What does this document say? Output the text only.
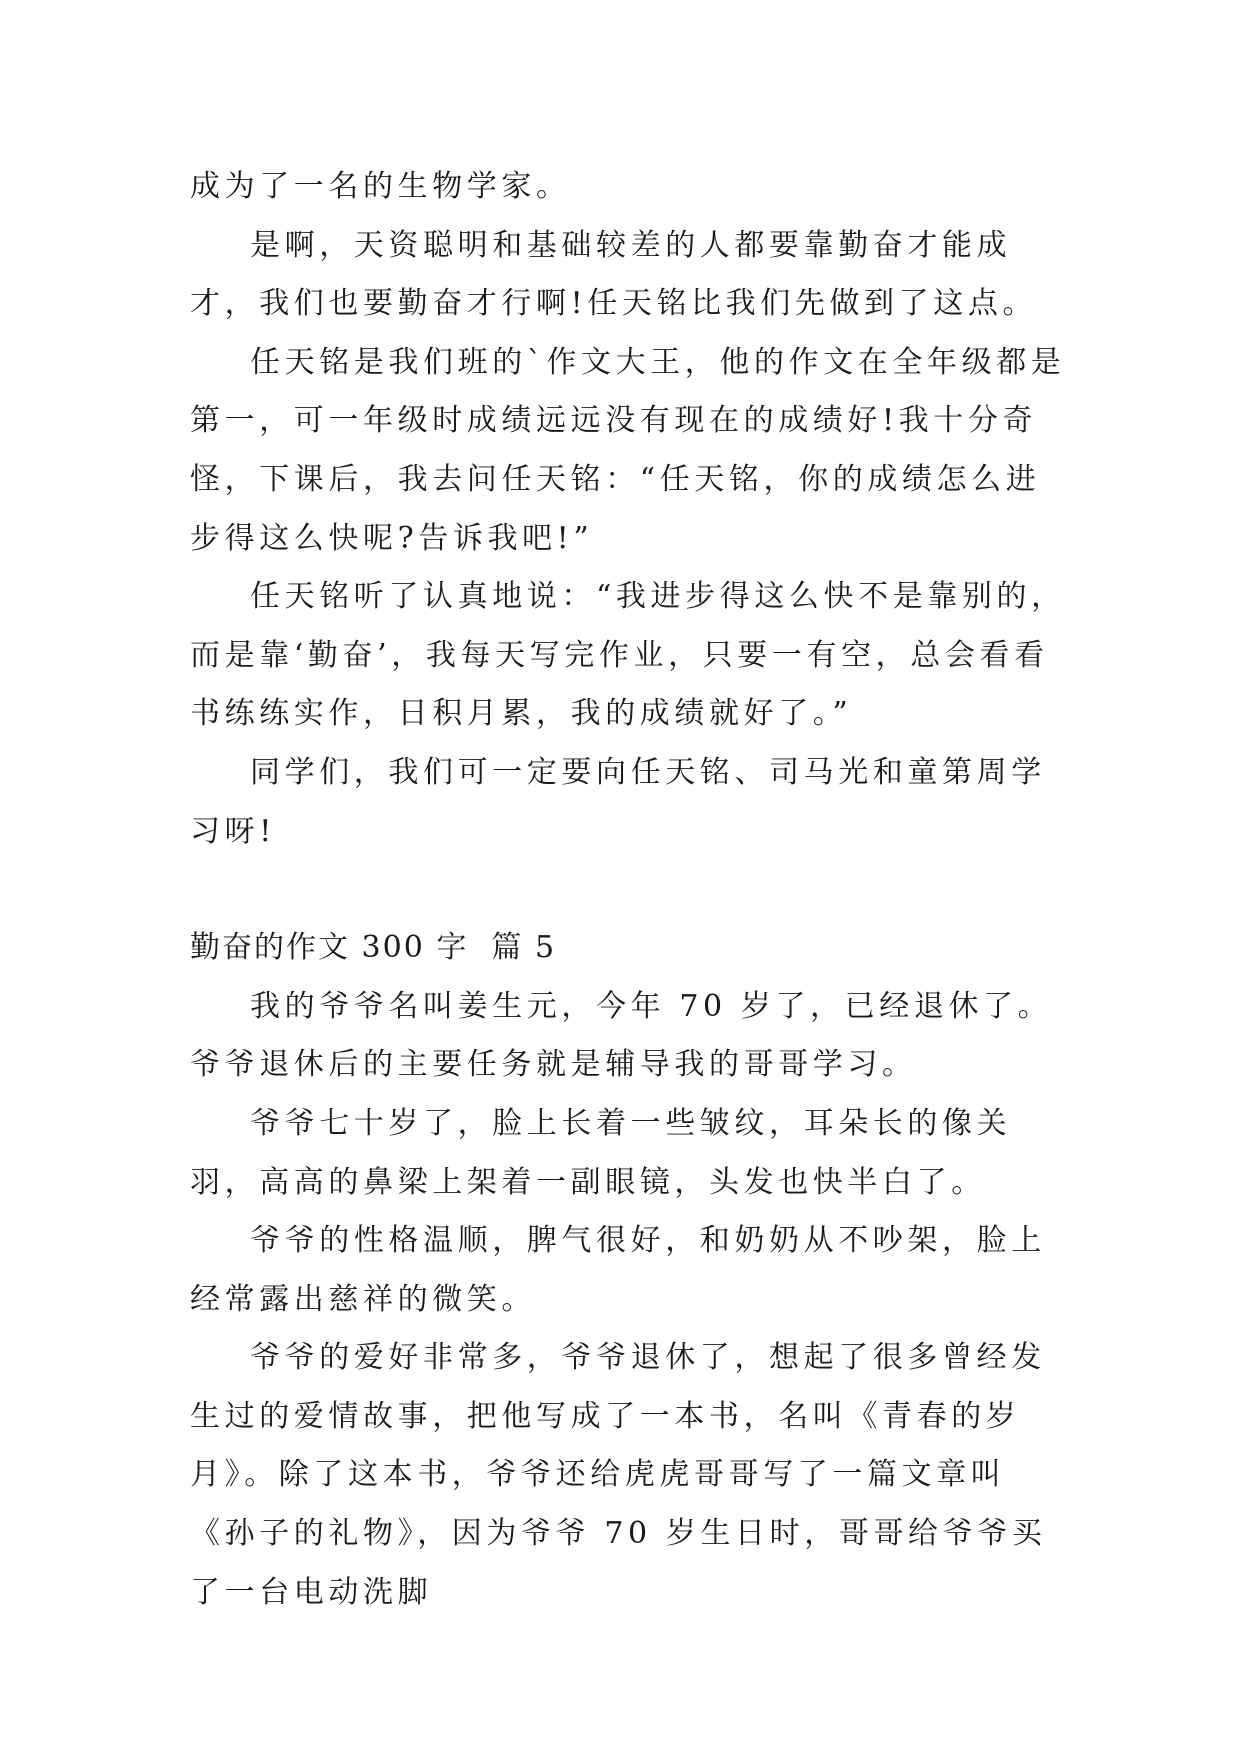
成为了一名的生物学家。

是啊，天资聪明和基础较差的人都要靠勤奋才能成才，我们也要勤奋才行啊!任天铭比我们先做到了这点。

任天铭是我们班的`作文大王，他的作文在全年级都是第一，可一年级时成绩远远没有现在的成绩好!我十分奇怪，下课后，我去问任天铭：“任天铭，你的成绩怎么进步得这么快呢?告诉我吧!”

任天铭听了认真地说：“我进步得这么快不是靠别的，而是靠‘勤奋’，我每天写完作业，只要一有空，总会看看书练练实作，日积月累，我的成绩就好了。”

同学们，我们可一定要向任天铭、司马光和童第周学习呀!

勤奋的作文 300 字  篇 5

我的爷爷名叫姜生元，今年 70 岁了，已经退休了。爷爷退休后的主要任务就是辅导我的哥哥学习。

爷爷七十岁了，脸上长着一些皱纹，耳朵长的像关羽，高高的鼻梁上架着一副眼镜，头发也快半白了。

爷爷的性格温顺，脾气很好，和奶奶从不吵架，脸上经常露出慈祥的微笑。

爷爷的爱好非常多，爷爷退休了，想起了很多曾经发生过的爱情故事，把他写成了一本书，名叫《青春的岁月》。除了这本书，爷爷还给虎虎哥哥写了一篇文章叫《孙子的礼物》，因为爷爷 70 岁生日时，哥哥给爷爷买了一台电动洗脚
